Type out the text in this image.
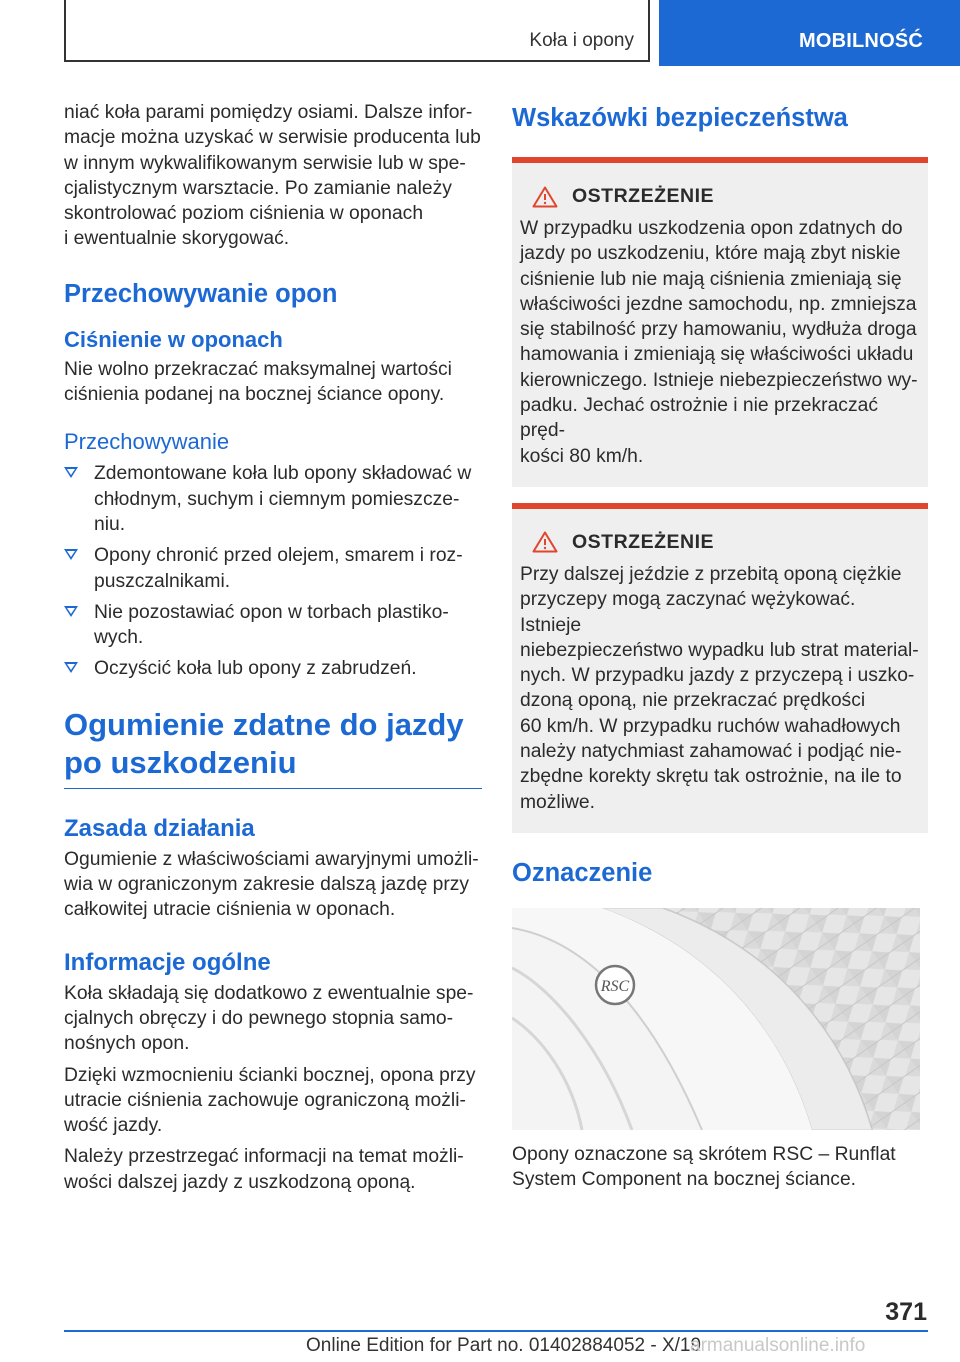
Koła i opony	MOBILNOŚĆ

niać koła parami pomiędzy osiami. Dalsze infor-
macje można uzyskać w serwisie producenta lub
w innym wykwalifikowanym serwisie lub w spe-
cjalistycznym warsztacie. Po zamianie należy
skontrolować poziom ciśnienia w oponach
i ewentualnie skorygować.

Przechowywanie opon
Ciśnienie w oponach

Nie wolno przekraczać maksymalnej wartości
ciśnienia podanej na bocznej ściance opony.

Przechowywanie

Zdemontowane koła lub opony składować w
chłodnym, suchym i ciemnym pomieszcze-
niu.

Opony chronić przed olejem, smarem i roz-
puszczalnikami.

Nie pozostawiać opon w torbach plastiko-
wych.

Oczyścić koła lub opony z zabrudzeń.

Ogumienie zdatne do jazdy
po uszkodzeniu
Zasada działania

Ogumienie z właściwościami awaryjnymi umożli-
wia w ograniczonym zakresie dalszą jazdę przy
całkowitej utracie ciśnienia w oponach.

Informacje ogólne

Koła składają się dodatkowo z ewentualnie spe-
cjalnych obręczy i do pewnego stopnia samo-
nośnych opon.

Dzięki wzmocnieniu ścianki bocznej, opona przy
utracie ciśnienia zachowuje ograniczoną możli-
wość jazdy.

Należy przestrzegać informacji na temat możli-
wości dalszej jazdy z uszkodzoną oponą.

Wskazówki bezpieczeństwa
OSTRZEŻENIE

W przypadku uszkodzenia opon zdatnych do
jazdy po uszkodzeniu, które mają zbyt niskie
ciśnienie lub nie mają ciśnienia zmieniają się
właściwości jezdne samochodu, np. zmniejsza
się stabilność przy hamowaniu, wydłuża droga
hamowania i zmieniają się właściwości układu
kierowniczego. Istnieje niebezpieczeństwo wy-
padku. Jechać ostrożnie i nie przekraczać pręd-
kości 80 km/h.

OSTRZEŻENIE

Przy dalszej jeździe z przebitą oponą ciężkie
przyczepy mogą zaczynać wężykować. Istnieje
niebezpieczeństwo wypadku lub strat material-
nych. W przypadku jazdy z przyczepą i uszko-
dzoną oponą, nie przekraczać prędkości
60 km/h. W przypadku ruchów wahadłowych
należy natychmiast zahamować i podjąć nie-
zbędne korekty skrętu tak ostrożnie, na ile to
możliwe.

Oznaczenie
RSC

Opony oznaczone są skrótem RSC – Runflat
System Component na bocznej ściance.

371
Online Edition for Part no. 01402884052 - X/19
armanualsonline.info
